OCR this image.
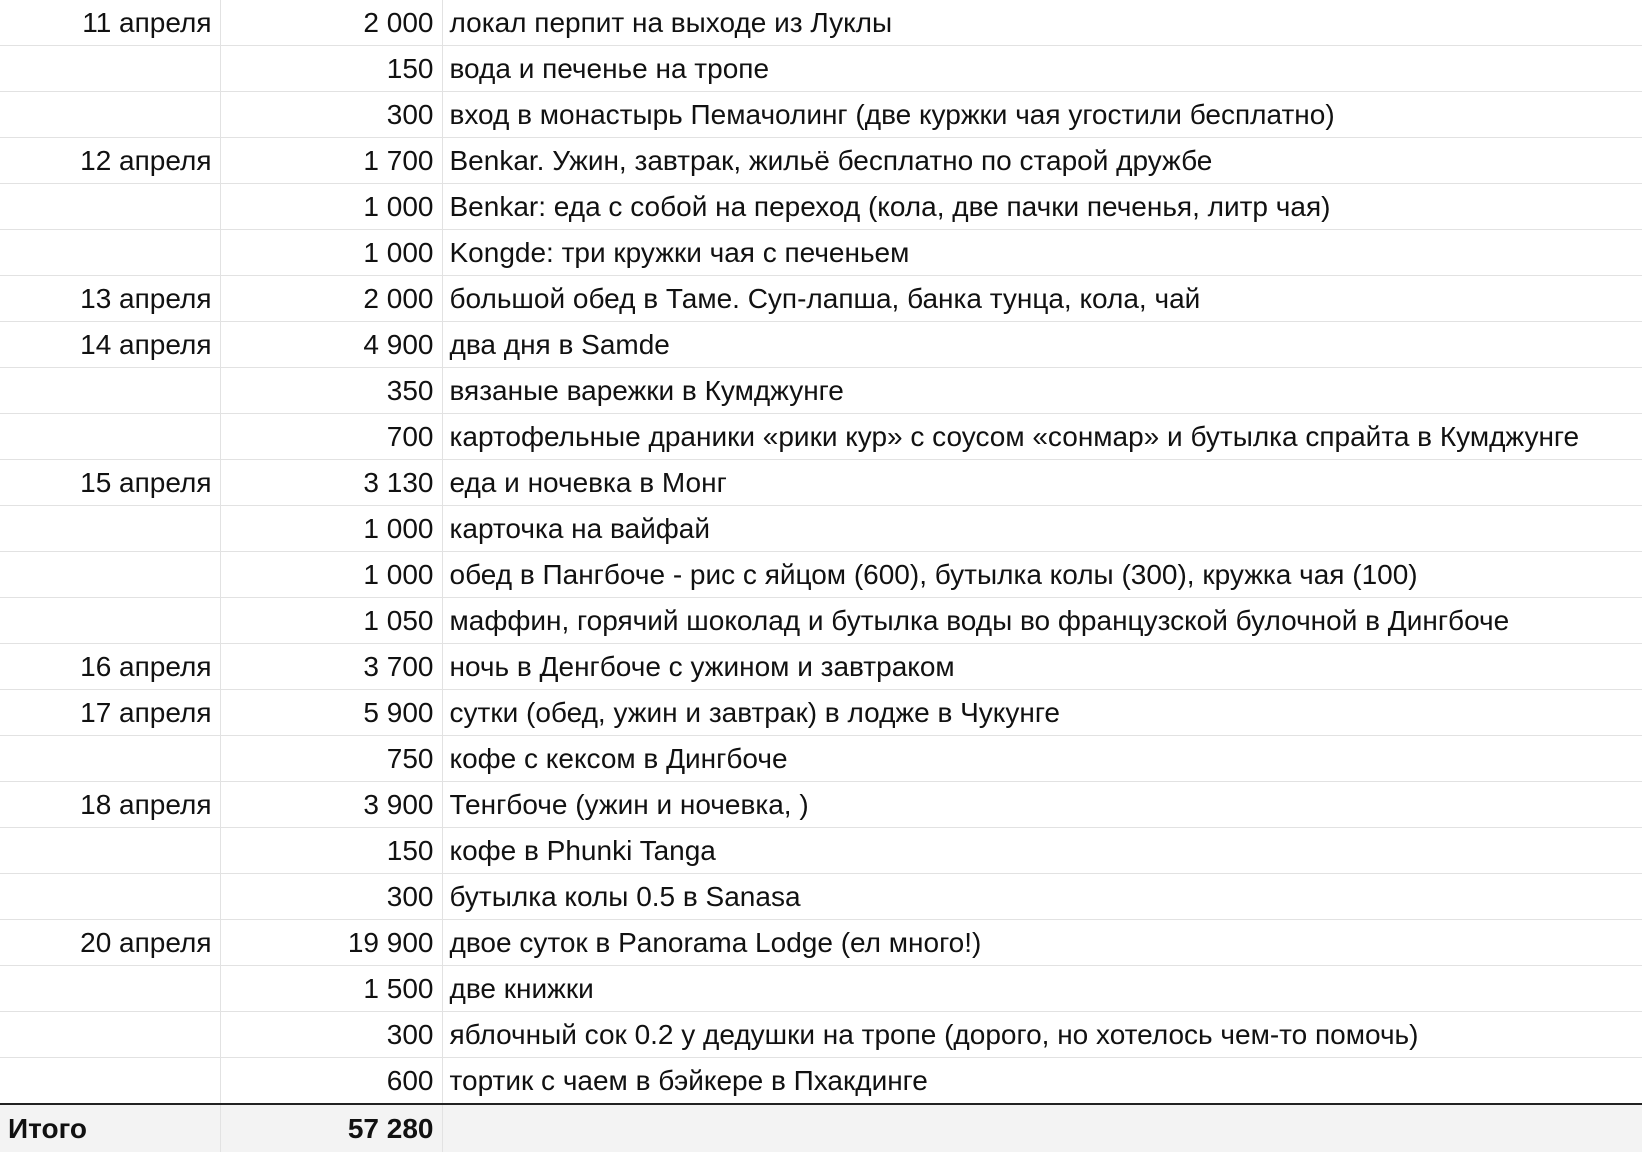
11 апреля	2 000	локал перпит на выходе из Луклы
	150	вода и печенье на тропе
	300	вход в монастырь Пемачолинг (две куржки чая угостили бесплатно)
12 апреля	1 700	Benkar. Ужин, завтрак, жильё бесплатно по старой дружбе
	1 000	Benkar: еда с собой на переход (кола, две пачки печенья, литр чая)
	1 000	Kongde: три кружки чая с печеньем
13 апреля	2 000	большой обед в Таме. Суп-лапша, банка тунца, кола, чай
14 апреля	4 900	два дня в Samde
	350	вязаные варежки в Кумджунге
	700	картофельные драники «рики кур» с соусом «сонмар» и бутылка спрайта в Кумджунге
15 апреля	3 130	еда и ночевка в Монг
	1 000	карточка на вайфай
	1 000	обед в Пангбоче - рис с яйцом (600), бутылка колы (300), кружка чая (100)
	1 050	маффин, горячий шоколад и бутылка воды во французской булочной в Дингбоче
16 апреля	3 700	ночь в Денгбоче с ужином и завтраком
17 апреля	5 900	сутки (обед, ужин и завтрак) в лодже в Чукунге
	750	кофе с кексом в Дингбоче
18 апреля	3 900	Тенгбоче (ужин и ночевка, )
	150	кофе в Phunki Tanga
	300	бутылка колы 0.5 в Sanasa
20 апреля	19 900	двое суток в Panorama Lodge (ел много!)
	1 500	две книжки
	300	яблочный сок 0.2 у дедушки на тропе (дорого, но хотелось чем-то помочь)
	600	тортик с чаем в бэйкере в Пхакдинге
Итого	57 280	
